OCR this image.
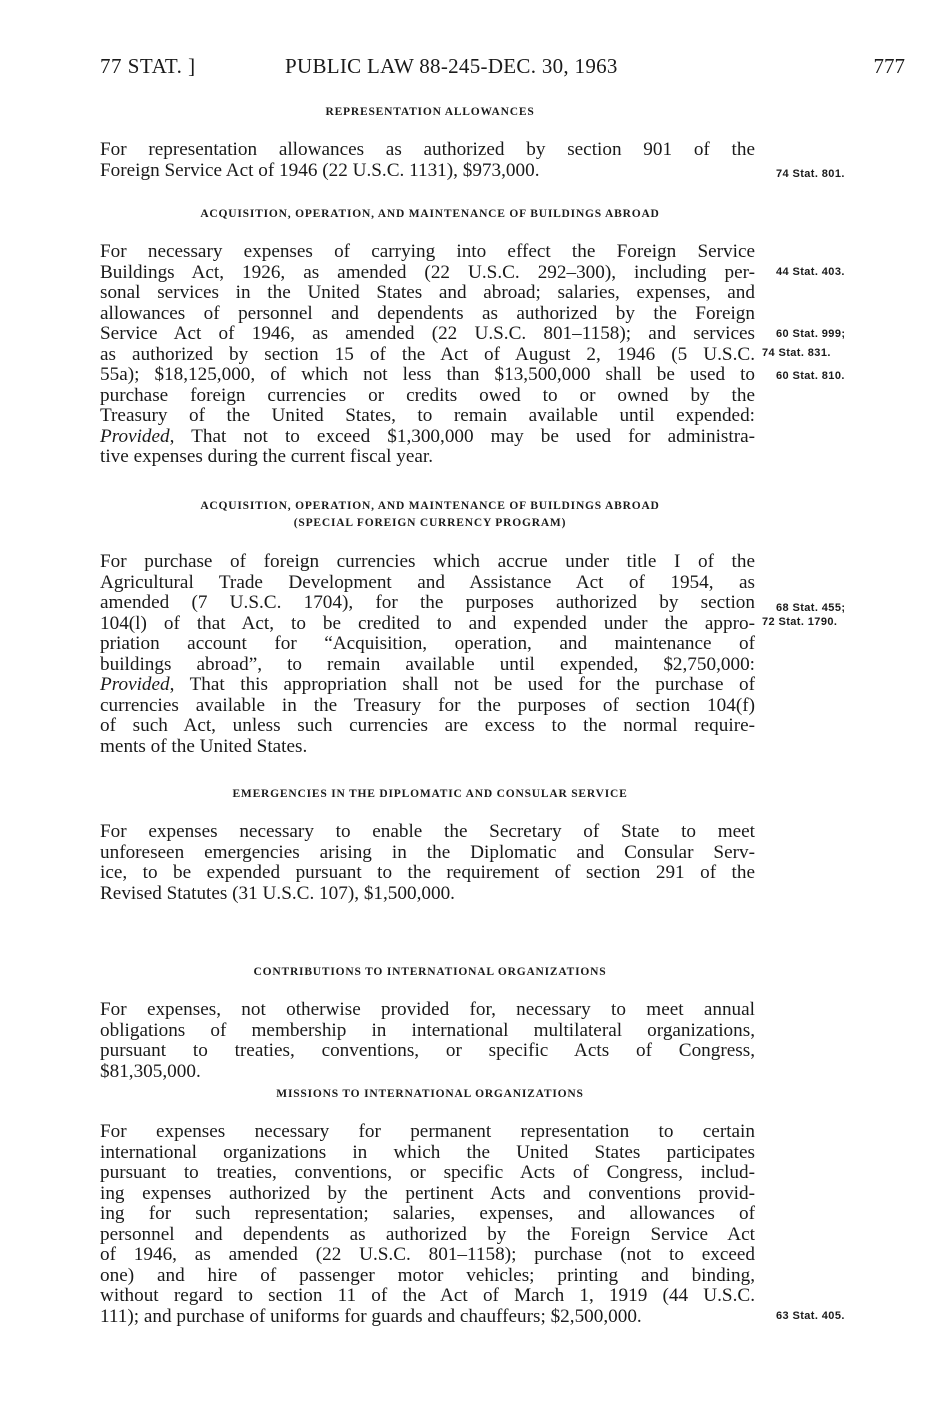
77 STAT. ]	PUBLIC LAW 88-245-DEC. 30, 1963	777
REPRESENTATION ALLOWANCES
For representation allowances as authorized by section 901 of the
Foreign Service Act of 1946 (22 U.S.C. 1131), $973,000.
ACQUISITION, OPERATION, AND MAINTENANCE OF BUILDINGS ABROAD
For necessary expenses of carrying into effect the Foreign Service
Buildings Act, 1926, as amended (22 U.S.C. 292–300), including per-
sonal services in the United States and abroad; salaries, expenses, and
allowances of personnel and dependents as authorized by the Foreign
Service Act of 1946, as amended (22 U.S.C. 801–1158); and services
as authorized by section 15 of the Act of August 2, 1946 (5 U.S.C.
55a); $18,125,000, of which not less than $13,500,000 shall be used to
purchase foreign currencies or credits owed to or owned by the
Treasury of the United States, to remain available until expended:
Provided, That not to exceed $1,300,000 may be used for administra-
tive expenses during the current fiscal year.
ACQUISITION, OPERATION, AND MAINTENANCE OF BUILDINGS ABROAD
(SPECIAL FOREIGN CURRENCY PROGRAM)
For purchase of foreign currencies which accrue under title I of the
Agricultural Trade Development and Assistance Act of 1954, as
amended (7 U.S.C. 1704), for the purposes authorized by section
104(l) of that Act, to be credited to and expended under the appro-
priation account for “Acquisition, operation, and maintenance of
buildings abroad”, to remain available until expended, $2,750,000:
Provided, That this appropriation shall not be used for the purchase of
currencies available in the Treasury for the purposes of section 104(f)
of such Act, unless such currencies are excess to the normal require-
ments of the United States.
EMERGENCIES IN THE DIPLOMATIC AND CONSULAR SERVICE
For expenses necessary to enable the Secretary of State to meet
unforeseen emergencies arising in the Diplomatic and Consular Serv-
ice, to be expended pursuant to the requirement of section 291 of the
Revised Statutes (31 U.S.C. 107), $1,500,000.
CONTRIBUTIONS TO INTERNATIONAL ORGANIZATIONS
For expenses, not otherwise provided for, necessary to meet annual
obligations of membership in international multilateral organizations,
pursuant to treaties, conventions, or specific Acts of Congress,
$81,305,000.
MISSIONS TO INTERNATIONAL ORGANIZATIONS
For expenses necessary for permanent representation to certain
international organizations in which the United States participates
pursuant to treaties, conventions, or specific Acts of Congress, includ-
ing expenses authorized by the pertinent Acts and conventions provid-
ing for such representation; salaries, expenses, and allowances of
personnel and dependents as authorized by the Foreign Service Act
of 1946, as amended (22 U.S.C. 801–1158); purchase (not to exceed
one) and hire of passenger motor vehicles; printing and binding,
without regard to section 11 of the Act of March 1, 1919 (44 U.S.C.
111); and purchase of uniforms for guards and chauffeurs; $2,500,000.
74 Stat. 801.
44 Stat. 403.
60 Stat. 999;
74 Stat. 831.
60 Stat. 810.
68 Stat. 455;
72 Stat. 1790.
63 Stat. 405.
